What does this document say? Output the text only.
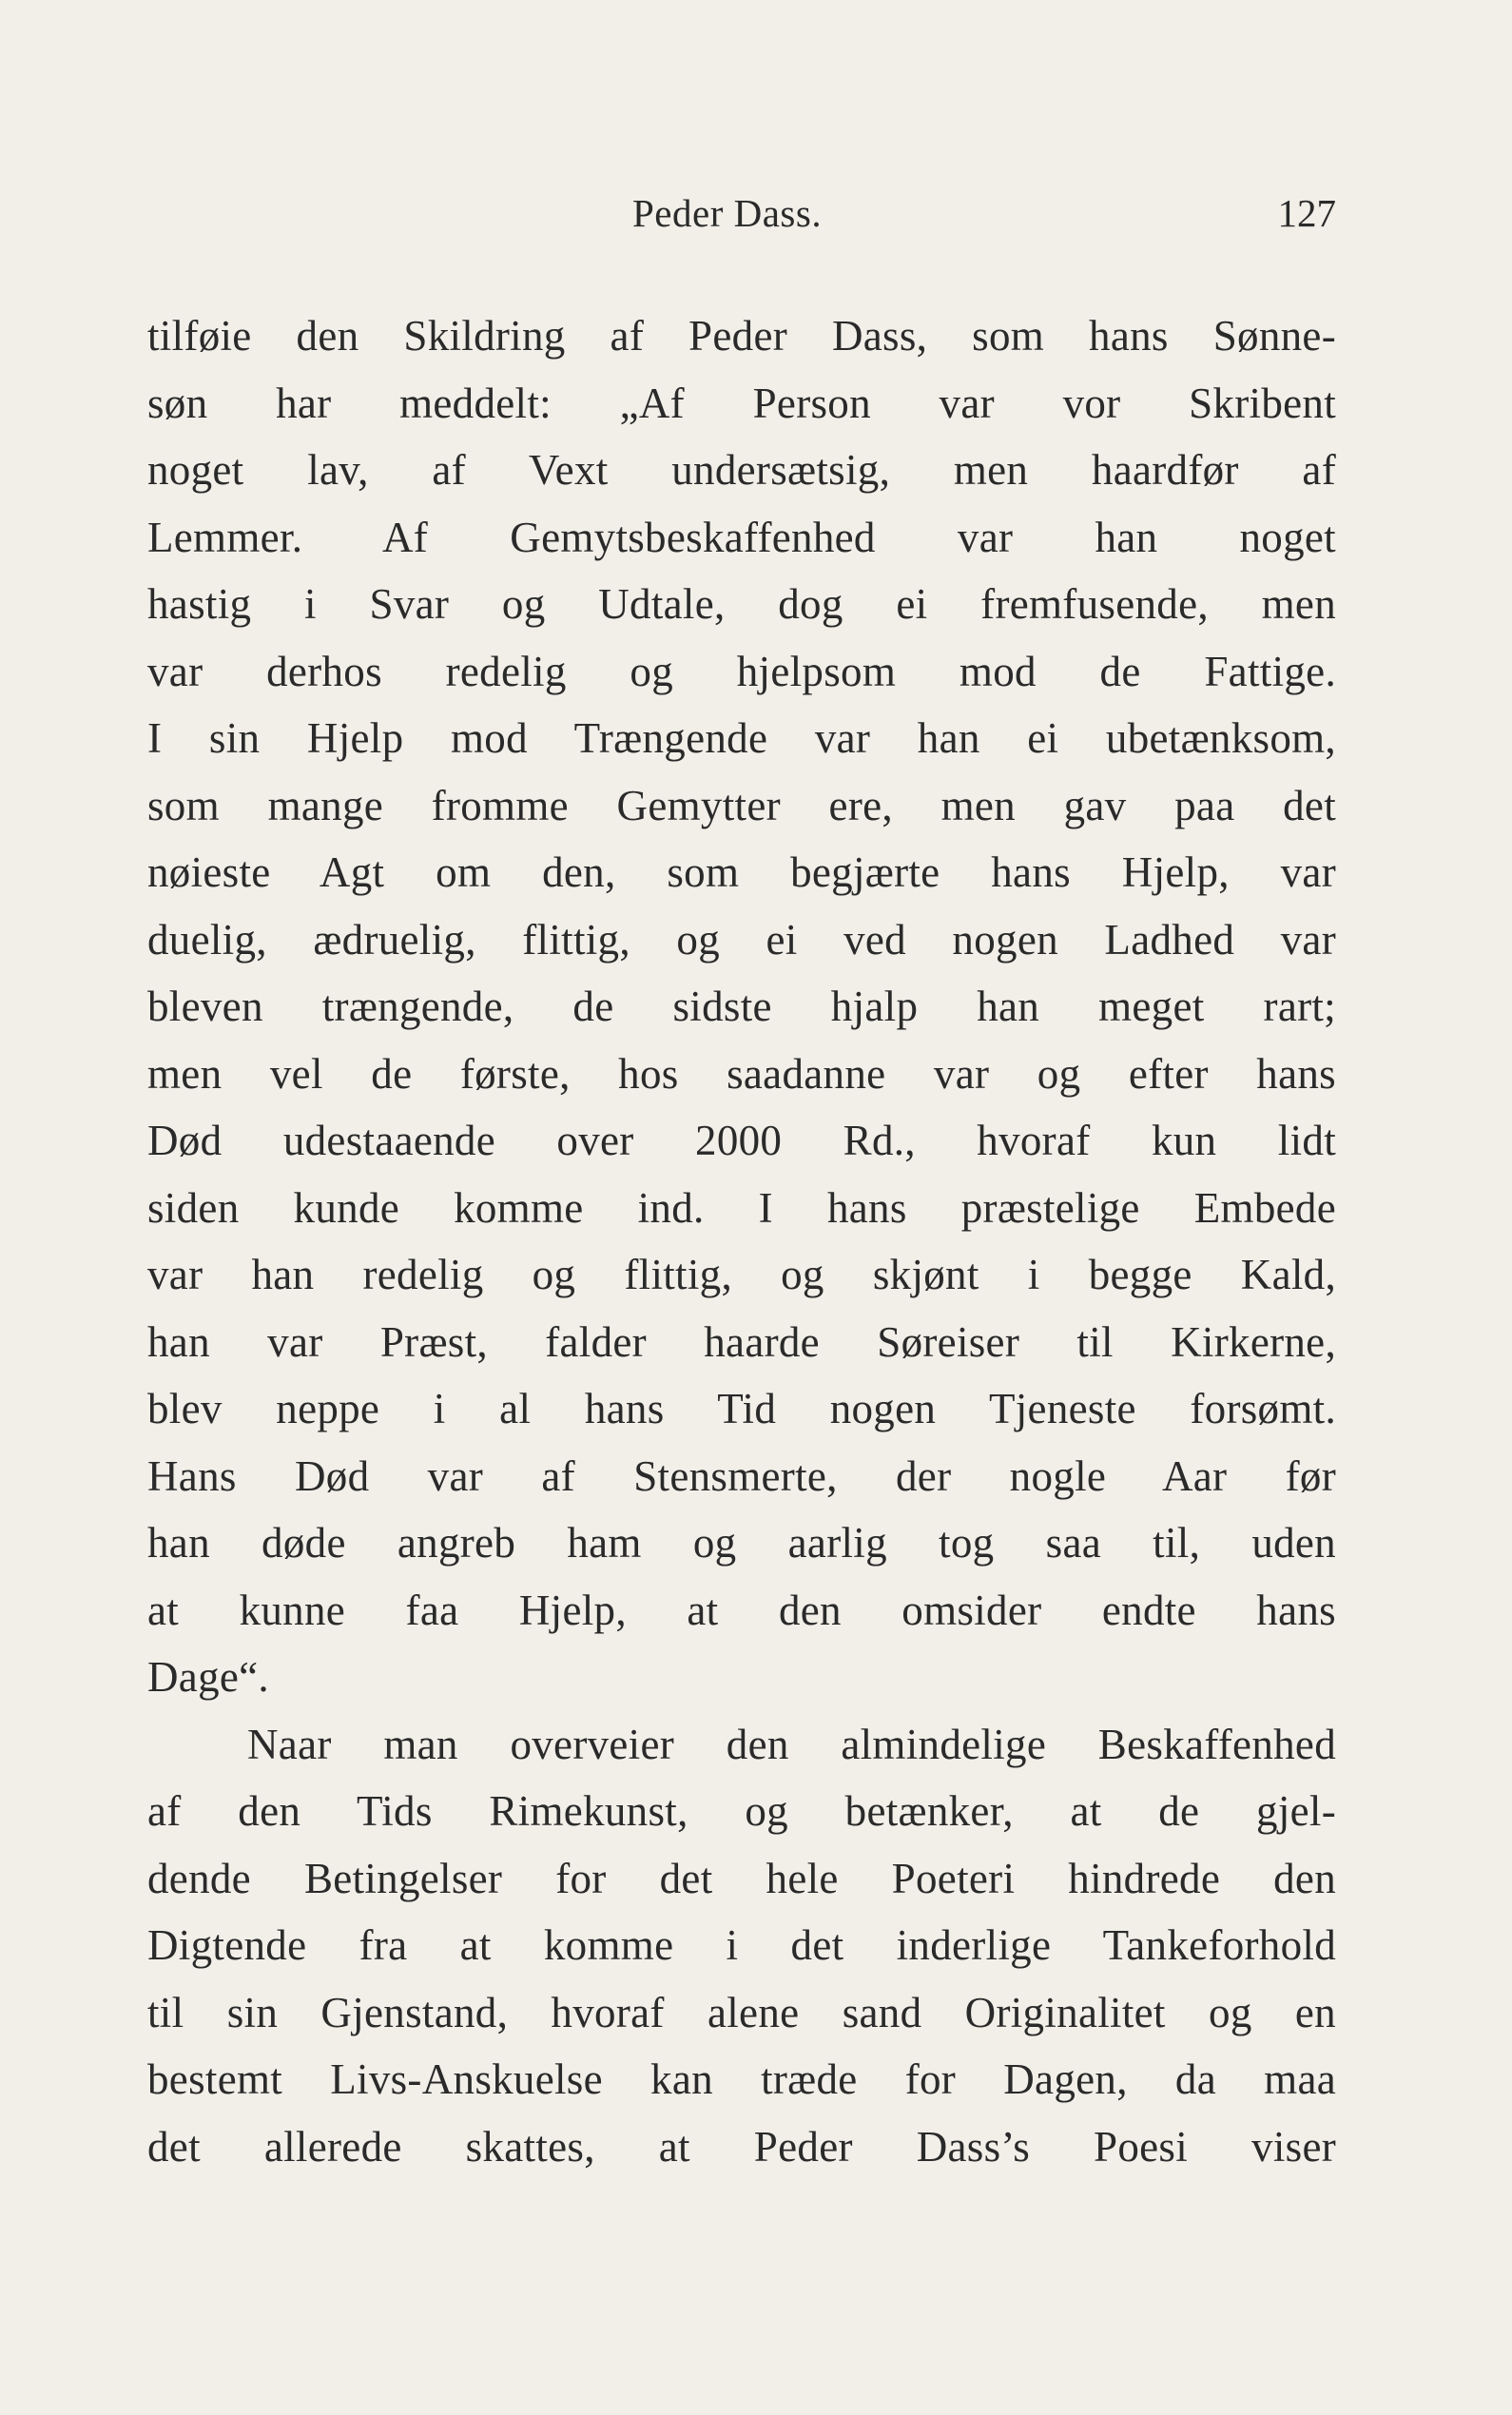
Peder Dass.	127
tilføie den Skildring af Peder Dass, som hans Sønne-
søn har meddelt: „Af Person var vor Skribent
noget lav, af Vext undersætsig, men haardfør af
Lemmer. Af Gemytsbeskaffenhed var han noget
hastig i Svar og Udtale, dog ei fremfusende, men
var derhos redelig og hjelpsom mod de Fattige.
I sin Hjelp mod Trængende var han ei ubetænksom,
som mange fromme Gemytter ere, men gav paa det
nøieste Agt om den, som begjærte hans Hjelp, var
duelig, ædruelig, flittig, og ei ved nogen Ladhed var
bleven trængende, de sidste hjalp han meget rart;
men vel de første, hos saadanne var og efter hans
Død udestaaende over 2000 Rd., hvoraf kun lidt
siden kunde komme ind. I hans præstelige Embede
var han redelig og flittig, og skjønt i begge Kald,
han var Præst, falder haarde Søreiser til Kirkerne,
blev neppe i al hans Tid nogen Tjeneste forsømt.
Hans Død var af Stensmerte, der nogle Aar før
han døde angreb ham og aarlig tog saa til, uden
at kunne faa Hjelp, at den omsider endte hans
Dage“.
Naar man overveier den almindelige Beskaffenhed
af den Tids Rimekunst, og betænker, at de gjel-
dende Betingelser for det hele Poeteri hindrede den
Digtende fra at komme i det inderlige Tankeforhold
til sin Gjenstand, hvoraf alene sand Originalitet og en
bestemt Livs-Anskuelse kan træde for Dagen, da maa
det allerede skattes, at Peder Dass’s Poesi viser
